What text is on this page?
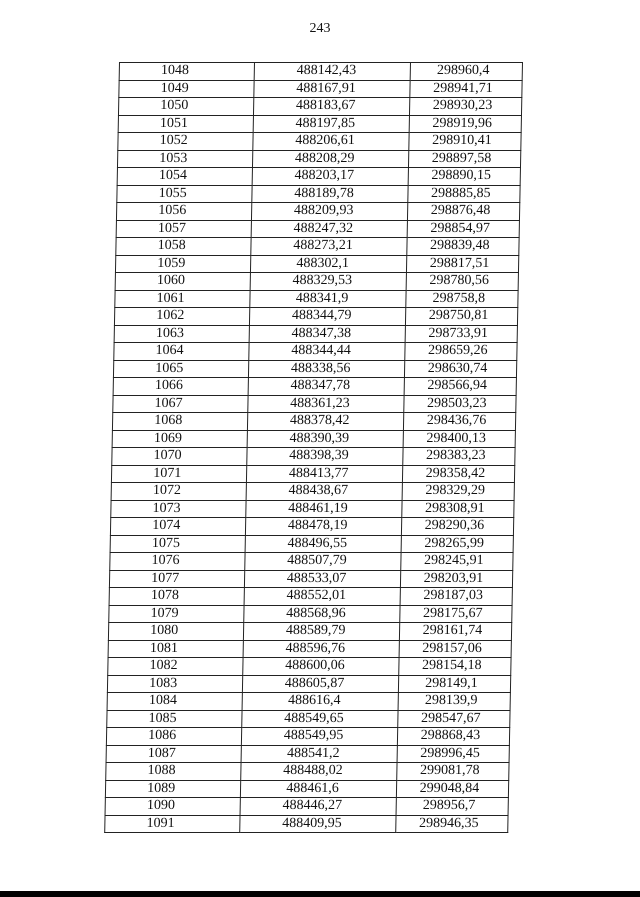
243
1048	488142,43	298960,4
1049	488167,91	298941,71
1050	488183,67	298930,23
1051	488197,85	298919,96
1052	488206,61	298910,41
1053	488208,29	298897,58
1054	488203,17	298890,15
1055	488189,78	298885,85
1056	488209,93	298876,48
1057	488247,32	298854,97
1058	488273,21	298839,48
1059	488302,1	298817,51
1060	488329,53	298780,56
1061	488341,9	298758,8
1062	488344,79	298750,81
1063	488347,38	298733,91
1064	488344,44	298659,26
1065	488338,56	298630,74
1066	488347,78	298566,94
1067	488361,23	298503,23
1068	488378,42	298436,76
1069	488390,39	298400,13
1070	488398,39	298383,23
1071	488413,77	298358,42
1072	488438,67	298329,29
1073	488461,19	298308,91
1074	488478,19	298290,36
1075	488496,55	298265,99
1076	488507,79	298245,91
1077	488533,07	298203,91
1078	488552,01	298187,03
1079	488568,96	298175,67
1080	488589,79	298161,74
1081	488596,76	298157,06
1082	488600,06	298154,18
1083	488605,87	298149,1
1084	488616,4	298139,9
1085	488549,65	298547,67
1086	488549,95	298868,43
1087	488541,2	298996,45
1088	488488,02	299081,78
1089	488461,6	299048,84
1090	488446,27	298956,7
1091	488409,95	298946,35
